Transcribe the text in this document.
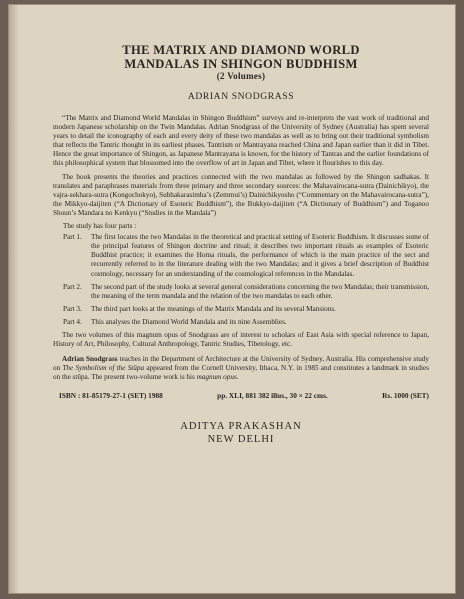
THE MATRIX AND DIAMOND WORLD
MANDALAS IN SHINGON BUDDHISM
(2 Volumes)
ADRIAN SNODGRASS

“The Matrix and Diamond World Mandalas in Shingon Buddhism” surveys and re-interprets the vast work of traditional and modern Japanese scholarship on the Twin Mandalas. Adrian Snodgrass of the University of Sydney (Australia) has spent several years to detail the iconography of each and every deity of these two mandalas as well as to bring out their traditional symbolism that reflects the Tantric thought in its earliest phases. Tantrism or Mantrayana reached China and Japan earlier than it did in Tibet. Hence the great importance of Shingon, as Japanese Mantrayana is known, for the history of Tantras and the earlier foundations of this philosophical system that blossomed into the overflow of art in Japan and Tibet, where it flourishes to this day.

The book presents the theories and practices connected with the two mandalas as followed by the Shingon sadhakas. It translates and paraphrases materials from three primary and three secondary sources: the Mahavairocana-sutra (Dainichikyo), the vajra-sekhara-sutra (Kongochokyo), Subhakarasimha’s (Zemmui’s) Dainichikyosho (“Commentary on the Mahavairocana-sutra”), the Mikkyo-daijiten (“A Dictionary of Esoteric Buddhism”), the Bukkyo-daijiten (“A Dictionary of Buddhism”) and Toganoo Shoun’s Mandara no Kenkyu (“Studies in the Mandala”)

The study has four parts :
Part 1.	The first locates the two Mandalas in the theoretical and practical setting of Esoteric Buddhism. It discusses some of the principal features of Shingon doctrine and ritual; it describes two important rituals as examples of Esoteric Buddhist practice; it examines the Homa rituals, the performance of which is the main practice of the sect and recurrently referred to in the literature dealing with the two Mandalas; and it gives a brief description of Buddhist cosmology, necessary for an understanding of the cosmological references in the Mandalas.
Part 2.	The second part of the study looks at several general considerations concerning the two Mandalas; their transmission, the meaning of the term mandala and the relation of the two mandalas to each other.
Part 3.	The third part looks at the meanings of the Matrix Mandala and its several Mansions.
Part 4.	This analyses the Diamond World Mandala and its nine Assemblies.

The two volumes of this magnum opus of Snodgrass are of interest to scholars of East Asia with special reference to Japan, History of Art, Philosophy, Cultural Anthropology, Tantric Studies, Tibetology, etc.

Adrian Snodgrass teaches in the Department of Architecture at the University of Sydney, Australia. His comprehensive study on The Symbolism of the Stūpa appeared from the Cornell University, Ithaca, N.Y. in 1985 and constitutes a landmark in studies on the stūpa. The present two-volume work is his magnum opus.

ISBN : 81-85179-27-1 (SET) 1988	pp. XLI, 881 382 illus., 30 × 22 cms.	Rs. 1000 (SET)
ADITYA PRAKASHAN
NEW DELHI
